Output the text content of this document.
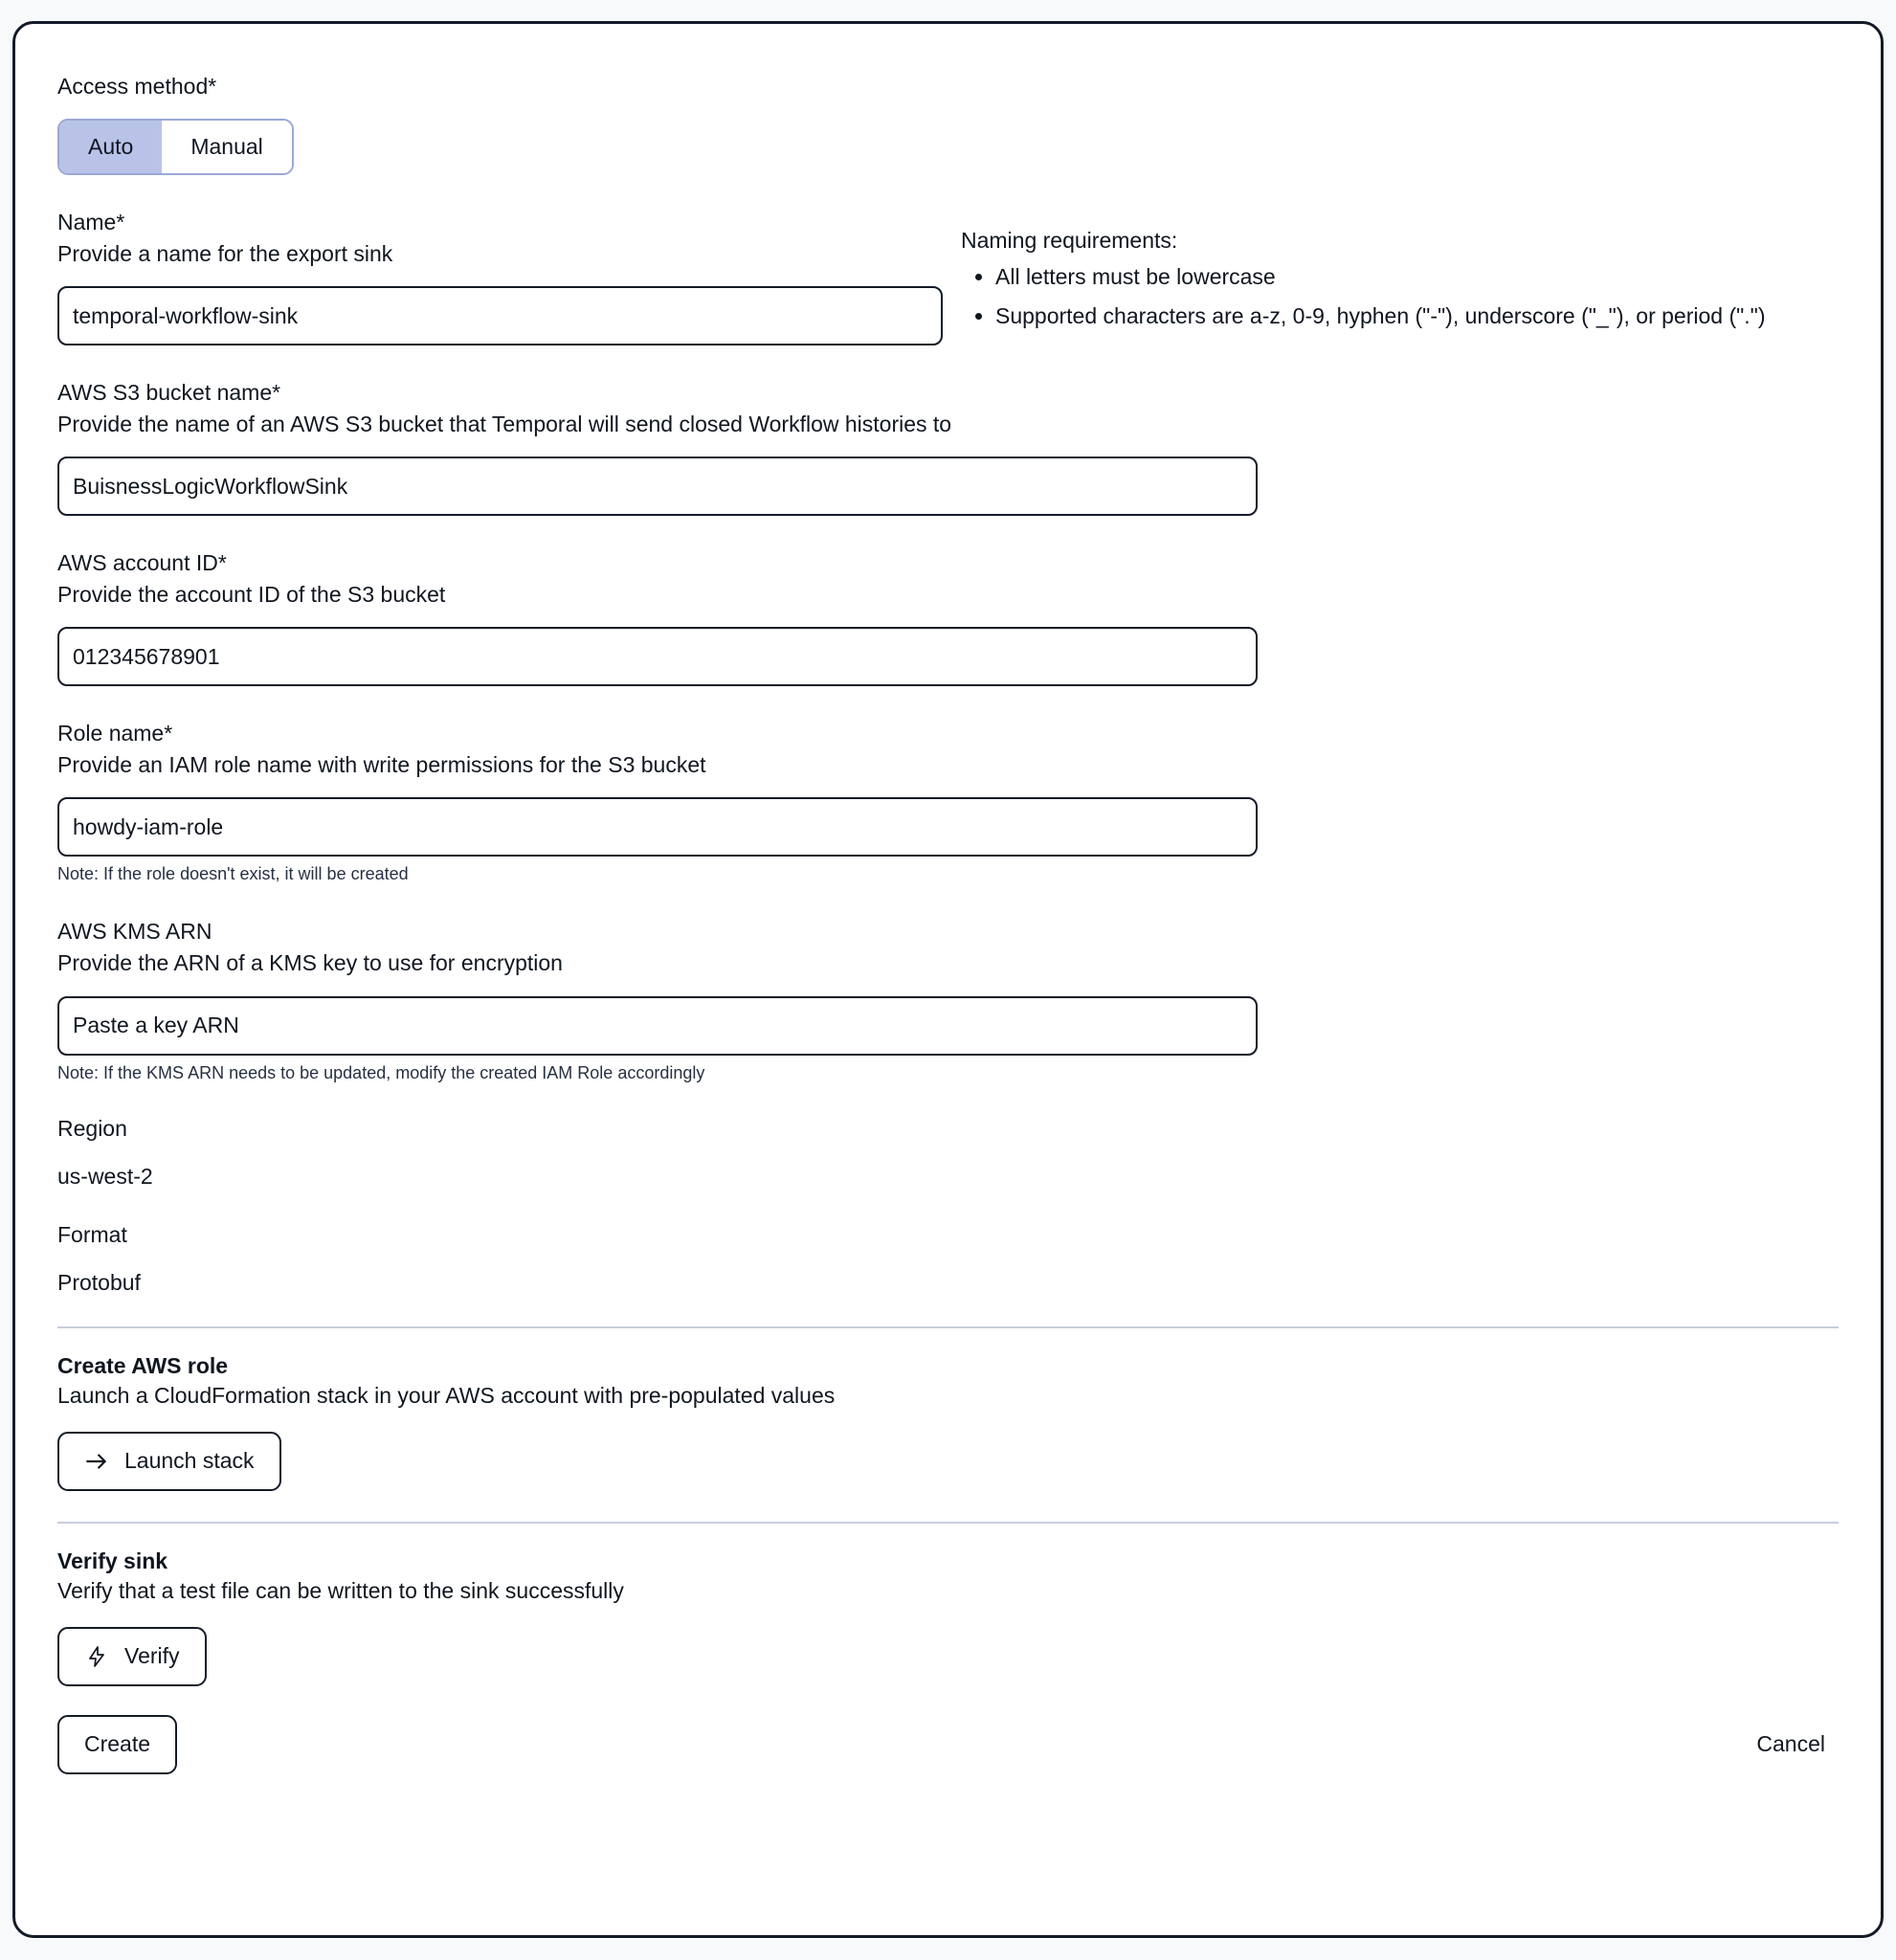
Access method*

Auto	Manual

Name*

Provide a name for the export sink

temporal-workflow-sink
Naming requirements:
• All letters must be lowercase
• Supported characters are a-z, 0-9, hyphen ("-"), underscore ("_"), or period (".")

AWS S3 bucket name*

Provide the name of an AWS S3 bucket that Temporal will send closed Workflow histories to

BuisnessLogicWorkflowSink

AWS account ID*

Provide the account ID of the S3 bucket

012345678901

Role name*

Provide an IAM role name with write permissions for the S3 bucket

howdy-iam-role

Note: If the role doesn't exist, it will be created

AWS KMS ARN

Provide the ARN of a KMS key to use for encryption

Paste a key ARN

Note: If the KMS ARN needs to be updated, modify the created IAM Role accordingly

Region

us-west-2

Format

Protobuf

Create AWS role

Launch a CloudFormation stack in your AWS account with pre-populated values

Launch stack

Verify sink

Verify that a test file can be written to the sink successfully

Verify
Create	Cancel
